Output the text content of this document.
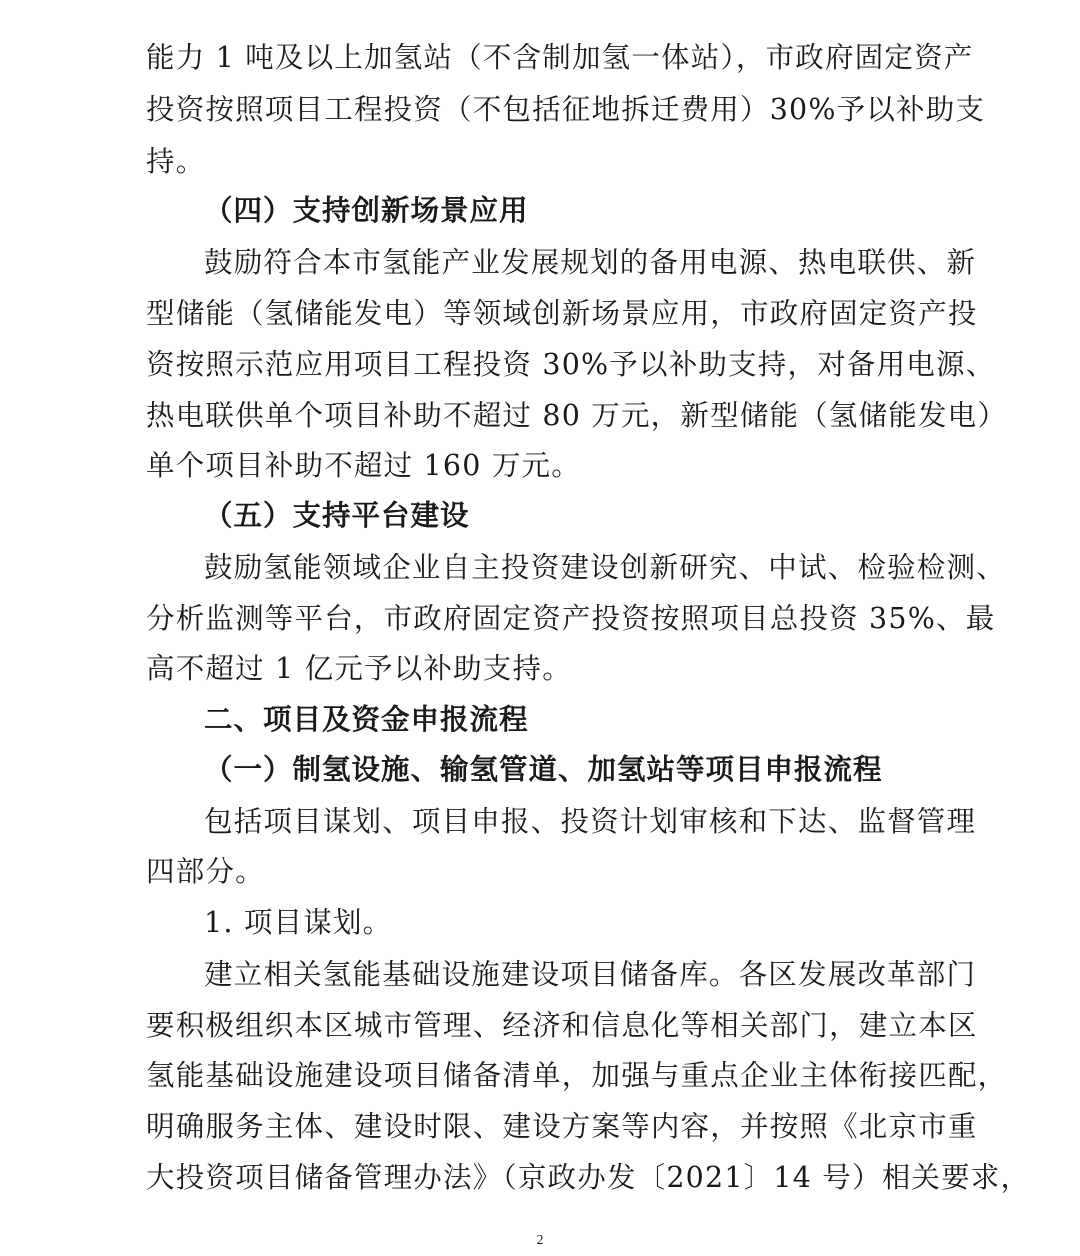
能力 1 吨及以上加氢站（不含制加氢一体站），市政府固定资产
投资按照项目工程投资（不包括征地拆迁费用）30%予以补助支
持。
（四）支持创新场景应用
鼓励符合本市氢能产业发展规划的备用电源、热电联供、新
型储能（氢储能发电）等领域创新场景应用，市政府固定资产投
资按照示范应用项目工程投资 30%予以补助支持，对备用电源、
热电联供单个项目补助不超过 80 万元，新型储能（氢储能发电）
单个项目补助不超过 160 万元。
（五）支持平台建设
鼓励氢能领域企业自主投资建设创新研究、中试、检验检测、
分析监测等平台，市政府固定资产投资按照项目总投资 35%、最
高不超过 1 亿元予以补助支持。
二、项目及资金申报流程
（一）制氢设施、输氢管道、加氢站等项目申报流程
包括项目谋划、项目申报、投资计划审核和下达、监督管理
四部分。
1. 项目谋划。
建立相关氢能基础设施建设项目储备库。各区发展改革部门
要积极组织本区城市管理、经济和信息化等相关部门，建立本区
氢能基础设施建设项目储备清单，加强与重点企业主体衔接匹配，
明确服务主体、建设时限、建设方案等内容，并按照《北京市重
大投资项目储备管理办法》（京政办发〔2021〕14 号）相关要求，
2
